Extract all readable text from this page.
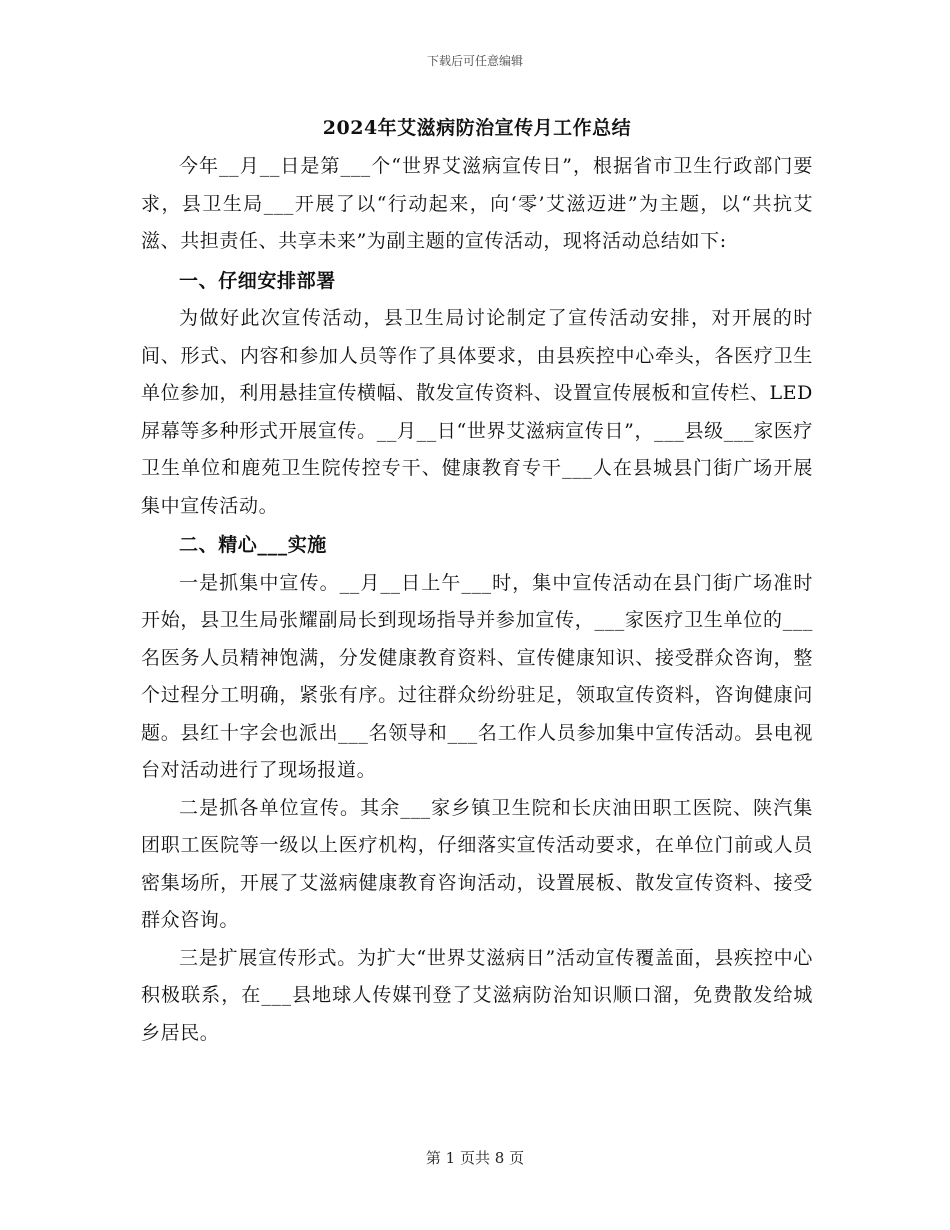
下载后可任意编辑
2024年艾滋病防治宣传月工作总结

今年__月__日是第___个“世界艾滋病宣传日”，根据省市卫生行政部门要求，县卫生局___开展了以“行动起来，向‘零’艾滋迈进”为主题，以“共抗艾滋、共担责任、共享未来”为副主题的宣传活动，现将活动总结如下:

一、仔细安排部署

为做好此次宣传活动，县卫生局讨论制定了宣传活动安排，对开展的时间、形式、内容和参加人员等作了具体要求，由县疾控中心牵头，各医疗卫生单位参加，利用悬挂宣传横幅、散发宣传资料、设置宣传展板和宣传栏、LED屏幕等多种形式开展宣传。__月__日“世界艾滋病宣传日”，___县级___家医疗卫生单位和鹿苑卫生院传控专干、健康教育专干___人在县城县门街广场开展集中宣传活动。

二、精心___实施

一是抓集中宣传。__月__日上午___时，集中宣传活动在县门街广场准时开始，县卫生局张耀副局长到现场指导并参加宣传，___家医疗卫生单位的___名医务人员精神饱满，分发健康教育资料、宣传健康知识、接受群众咨询，整个过程分工明确，紧张有序。过往群众纷纷驻足，领取宣传资料，咨询健康问题。县红十字会也派出___名领导和___名工作人员参加集中宣传活动。县电视台对活动进行了现场报道。

二是抓各单位宣传。其余___家乡镇卫生院和长庆油田职工医院、陕汽集团职工医院等一级以上医疗机构，仔细落实宣传活动要求，在单位门前或人员密集场所，开展了艾滋病健康教育咨询活动，设置展板、散发宣传资料、接受群众咨询。

三是扩展宣传形式。为扩大“世界艾滋病日”活动宣传覆盖面，县疾控中心积极联系，在___县地球人传媒刊登了艾滋病防治知识顺口溜，免费散发给城乡居民。

第 1 页共 8 页
